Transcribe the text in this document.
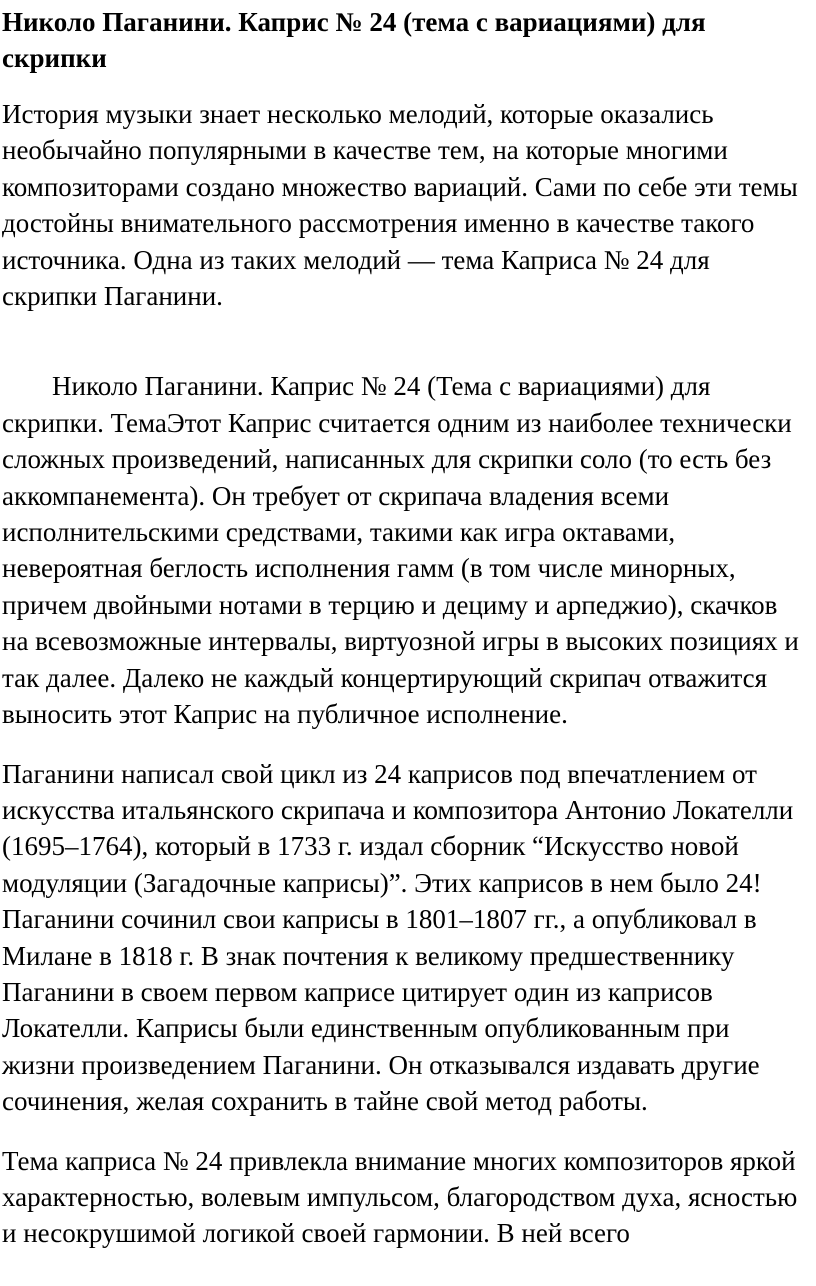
Николо Паганини. Каприс № 24 (тема с вариациями) для скрипки

История музыки знает несколько мелодий, которые оказались необычайно популярными в качестве тем, на которые многими композиторами создано множество вариаций. Сами по себе эти темы достойны внимательного рассмотрения именно в качестве такого источника. Одна из таких мелодий — тема Каприса № 24 для скрипки Паганини.

Николо Паганини. Каприс № 24 (Тема с вариациями) для скрипки. ТемаЭтот Каприс считается одним из наиболее технически сложных произведений, написанных для скрипки соло (то есть без аккомпанемента). Он требует от скрипача владения всеми исполнительскими средствами, такими как игра октавами, невероятная беглость исполнения гамм (в том числе минорных, причем двойными нотами в терцию и дециму и арпеджио), скачков на всевозможные интервалы, виртуозной игры в высоких позициях и так далее. Далеко не каждый концертирующий скрипач отважится выносить этот Каприс на публичное исполнение.

Паганини написал свой цикл из 24 каприсов под впечатлением от искусства итальянского скрипача и композитора Антонио Локателли (1695–1764), который в 1733 г. издал сборник “Искусство новой модуляции (Загадочные каприсы)”. Этих каприсов в нем было 24! Паганини сочинил свои каприсы в 1801–1807 гг., а опубликовал в Милане в 1818 г. В знак почтения к великому предшественнику Паганини в своем первом каприсе цитирует один из каприсов Локателли. Каприсы были единственным опубликованным при жизни произведением Паганини. Он отказывался издавать другие сочинения, желая сохранить в тайне свой метод работы.

Тема каприса № 24 привлекла внимание многих композиторов яркой характерностью, волевым импульсом, благородством духа, ясностью и несокрушимой логикой своей гармонии. В ней всего
